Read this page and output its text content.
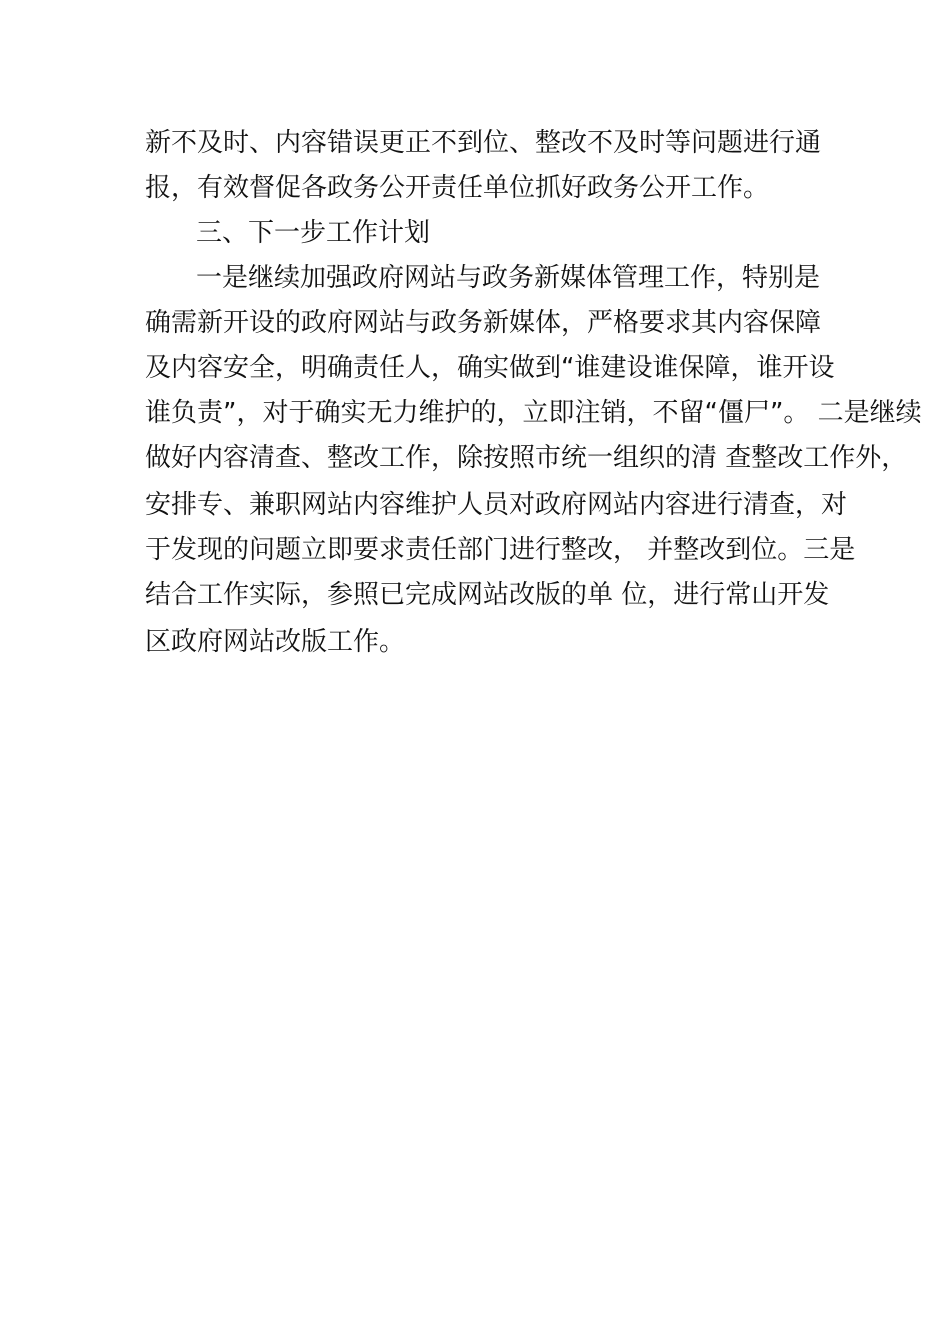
新不及时、内容错误更正不到位、整改不及时等问题进行通
报，有效督促各政务公开责任单位抓好政务公开工作。
三、下一步工作计划
一是继续加强政府网站与政务新媒体管理工作，特别是
确需新开设的政府网站与政务新媒体，严格要求其内容保障
及内容安全，明确责任人，确实做到“谁建设谁保障，谁开设
谁负责”，对于确实无力维护的，立即注销，不留“僵尸”。 二是继续
做好内容清查、整改工作，除按照市统一组织的清 查整改工作外，
安排专、兼职网站内容维护人员对政府网站内容进行清查，对
于发现的问题立即要求责任部门进行整改， 并整改到位。三是
结合工作实际，参照已完成网站改版的单 位，进行常山开发
区政府网站改版工作。
